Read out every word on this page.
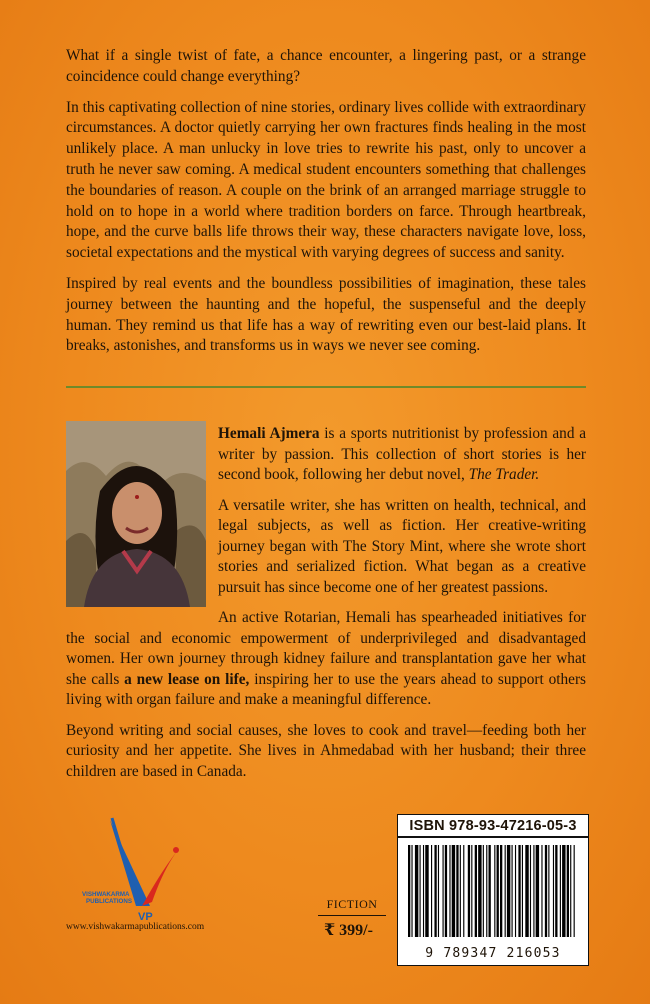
What if a single twist of fate, a chance encounter, a lingering past, or a strange coincidence could change everything?

In this captivating collection of nine stories, ordinary lives collide with extraordinary circumstances. A doctor quietly carrying her own fractures finds healing in the most unlikely place. A man unlucky in love tries to rewrite his past, only to uncover a truth he never saw coming. A medical student encounters something that challenges the boundaries of reason. A couple on the brink of an arranged marriage struggle to hold on to hope in a world where tradition borders on farce. Through heartbreak, hope, and the curve balls life throws their way, these characters navigate love, loss, societal expectations and the mystical with varying degrees of success and sanity.

Inspired by real events and the boundless possibilities of imagination, these tales journey between the haunting and the hopeful, the suspenseful and the deeply human. They remind us that life has a way of rewriting even our best-laid plans. It breaks, astonishes, and transforms us in ways we never see coming.

Hemali Ajmera is a sports nutritionist by profession and a writer by passion. This collection of short stories is her second book, following her debut novel, The Trader.

A versatile writer, she has written on health, technical, and legal subjects, as well as fiction. Her creative-writing journey began with The Story Mint, where she wrote short stories and serialized fiction. What began as a creative pursuit has since become one of her greatest passions.

An active Rotarian, Hemali has spearheaded initiatives for the social and economic empowerment of underprivileged and disadvantaged women. Her own journey through kidney failure and transplantation gave her what she calls a new lease on life, inspiring her to use the years ahead to support others living with organ failure and make a meaningful difference.

Beyond writing and social causes, she loves to cook and travel—feeding both her curiosity and her appetite. She lives in Ahmedabad with her husband; their three children are based in Canada.

VISHWAKARMA
PUBLICATIONS
VP
www.vishwakarmapublications.com
FICTION
₹ 399/-
ISBN 978-93-47216-05-3
9 789347 216053
